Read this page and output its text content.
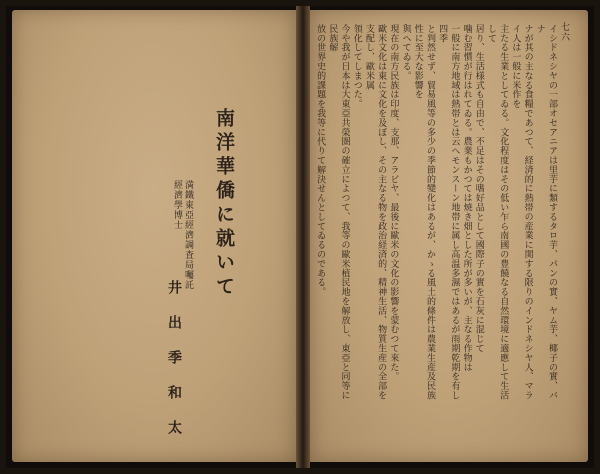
南洋華僑に就いて
満鐵東亞經濟調査局囑託
經濟學博士
井出季和太
七六

イシドネシヤの一部オセアニアは里芋に類するタロ芋、パンの實、ヤム芋、椰子の實、バナ

ナが其の主なる食糧であつて、経済的に熱帯の産業に関する限りのインドネシヤ人、マライ人は一般に米作を

主たる生業としてゐる。文化程度はその低い乍ら南國の豊饒なる自然環境に適應して生活して

居り、生活様式も自由で、不足はその嗜好品として國際子の實を石灰に混じて

噛む習慣が行はれてゐる。農業もかつては焼き畑とした所が多いが、主なる作物は

一般に南方地域は熱帯とは云へモンスーン地帯に属し高温多濕ではあるが雨期乾期を有し四季

と判然せず、貿易風等の多少の季節的變化はあるが、かゝる風土的條件は農業生産及民族性に至大な影響を

與へてゐる。

現在の南方民族は印度、支那、アラビヤ、最後に歐米の文化の影響を蒙むつて來た。

歐米文化は東に文化を及ぼし、その主なる物を政治経済的、精神生活、物質生産の全部を支配し、歐米属

領化してしまつた。

今や我が日本は大東亞共榮圏の確立によつて、我等の歐米植民地を解放し、東亞と同等に民族解

放の世界史的課題を我等に代りて解決せんとしてゐるのである。
